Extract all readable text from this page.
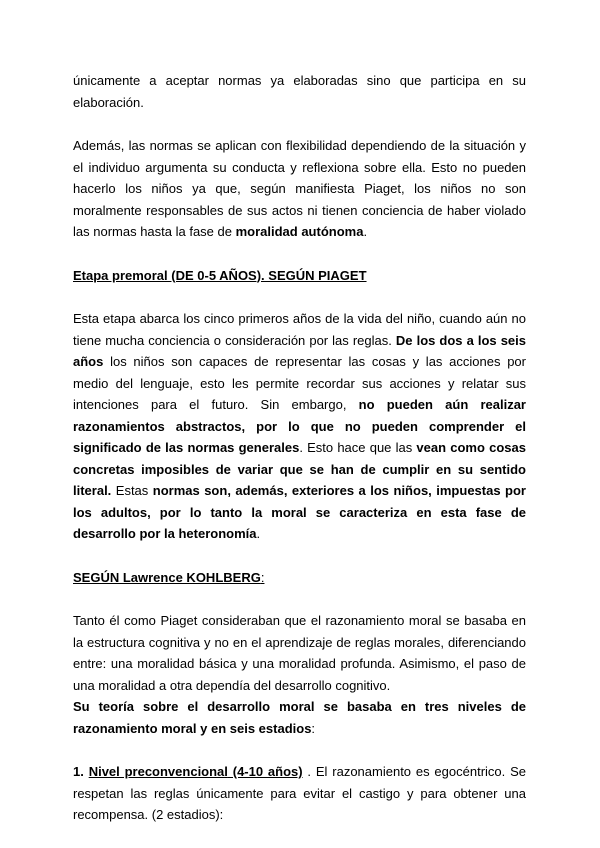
únicamente a aceptar normas ya elaboradas sino que participa en su elaboración.

Además, las normas se aplican con flexibilidad dependiendo de la situación y el individuo argumenta su conducta y reflexiona sobre ella. Esto no pueden hacerlo los niños ya que, según manifiesta Piaget, los niños no son moralmente responsables de sus actos ni tienen conciencia de haber violado las normas hasta la fase de moralidad autónoma.

Etapa premoral (DE 0-5 AÑOS). SEGÚN PIAGET

Esta etapa abarca los cinco primeros años de la vida del niño, cuando aún no tiene mucha conciencia o consideración por las reglas. De los dos a los seis años los niños son capaces de representar las cosas y las acciones por medio del lenguaje, esto les permite recordar sus acciones y relatar sus intenciones para el futuro. Sin embargo, no pueden aún realizar razonamientos abstractos, por lo que no pueden comprender el significado de las normas generales. Esto hace que las vean como cosas concretas imposibles de variar que se han de cumplir en su sentido literal. Estas normas son, además, exteriores a los niños, impuestas por los adultos, por lo tanto la moral se caracteriza en esta fase de desarrollo por la heteronomía.

SEGÚN Lawrence KOHLBERG:

Tanto él como Piaget consideraban que el razonamiento moral se basaba en la estructura cognitiva y no en el aprendizaje de reglas morales, diferenciando entre: una moralidad básica y una moralidad profunda. Asimismo, el paso de una moralidad a otra dependía del desarrollo cognitivo.

Su teoría sobre el desarrollo moral se basaba en tres niveles de razonamiento moral y en seis estadios:

1. Nivel preconvencional (4-10 años) . El razonamiento es egocéntrico. Se respetan las reglas únicamente para evitar el castigo y para obtener una recompensa. (2 estadios):
